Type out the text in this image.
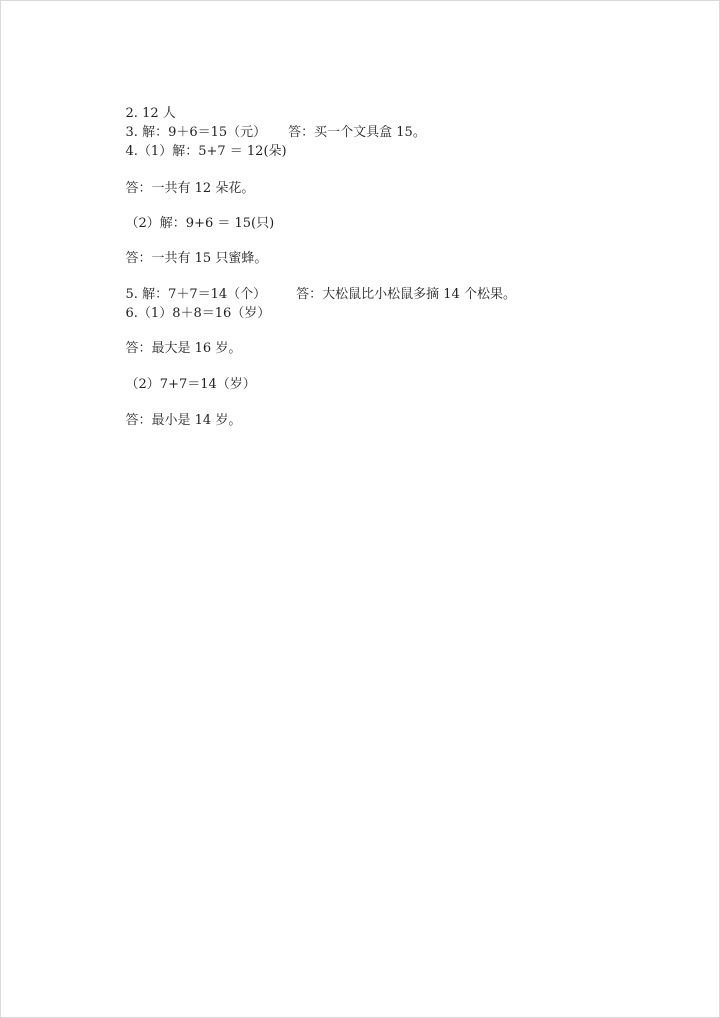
2. 12 人

3. 解：9＋6＝15（元） 答：买一个文具盒 15。

4.（1）解：5+7 ＝ 12(朵)

答：一共有 12 朵花。

（2）解：9+6 ＝ 15(只)

答：一共有 15 只蜜蜂。

5. 解：7＋7＝14（个） 答：大松鼠比小松鼠多摘 14 个松果。

6.（1）8＋8＝16（岁）

答：最大是 16 岁。

（2）7+7＝14（岁）

答：最小是 14 岁。
